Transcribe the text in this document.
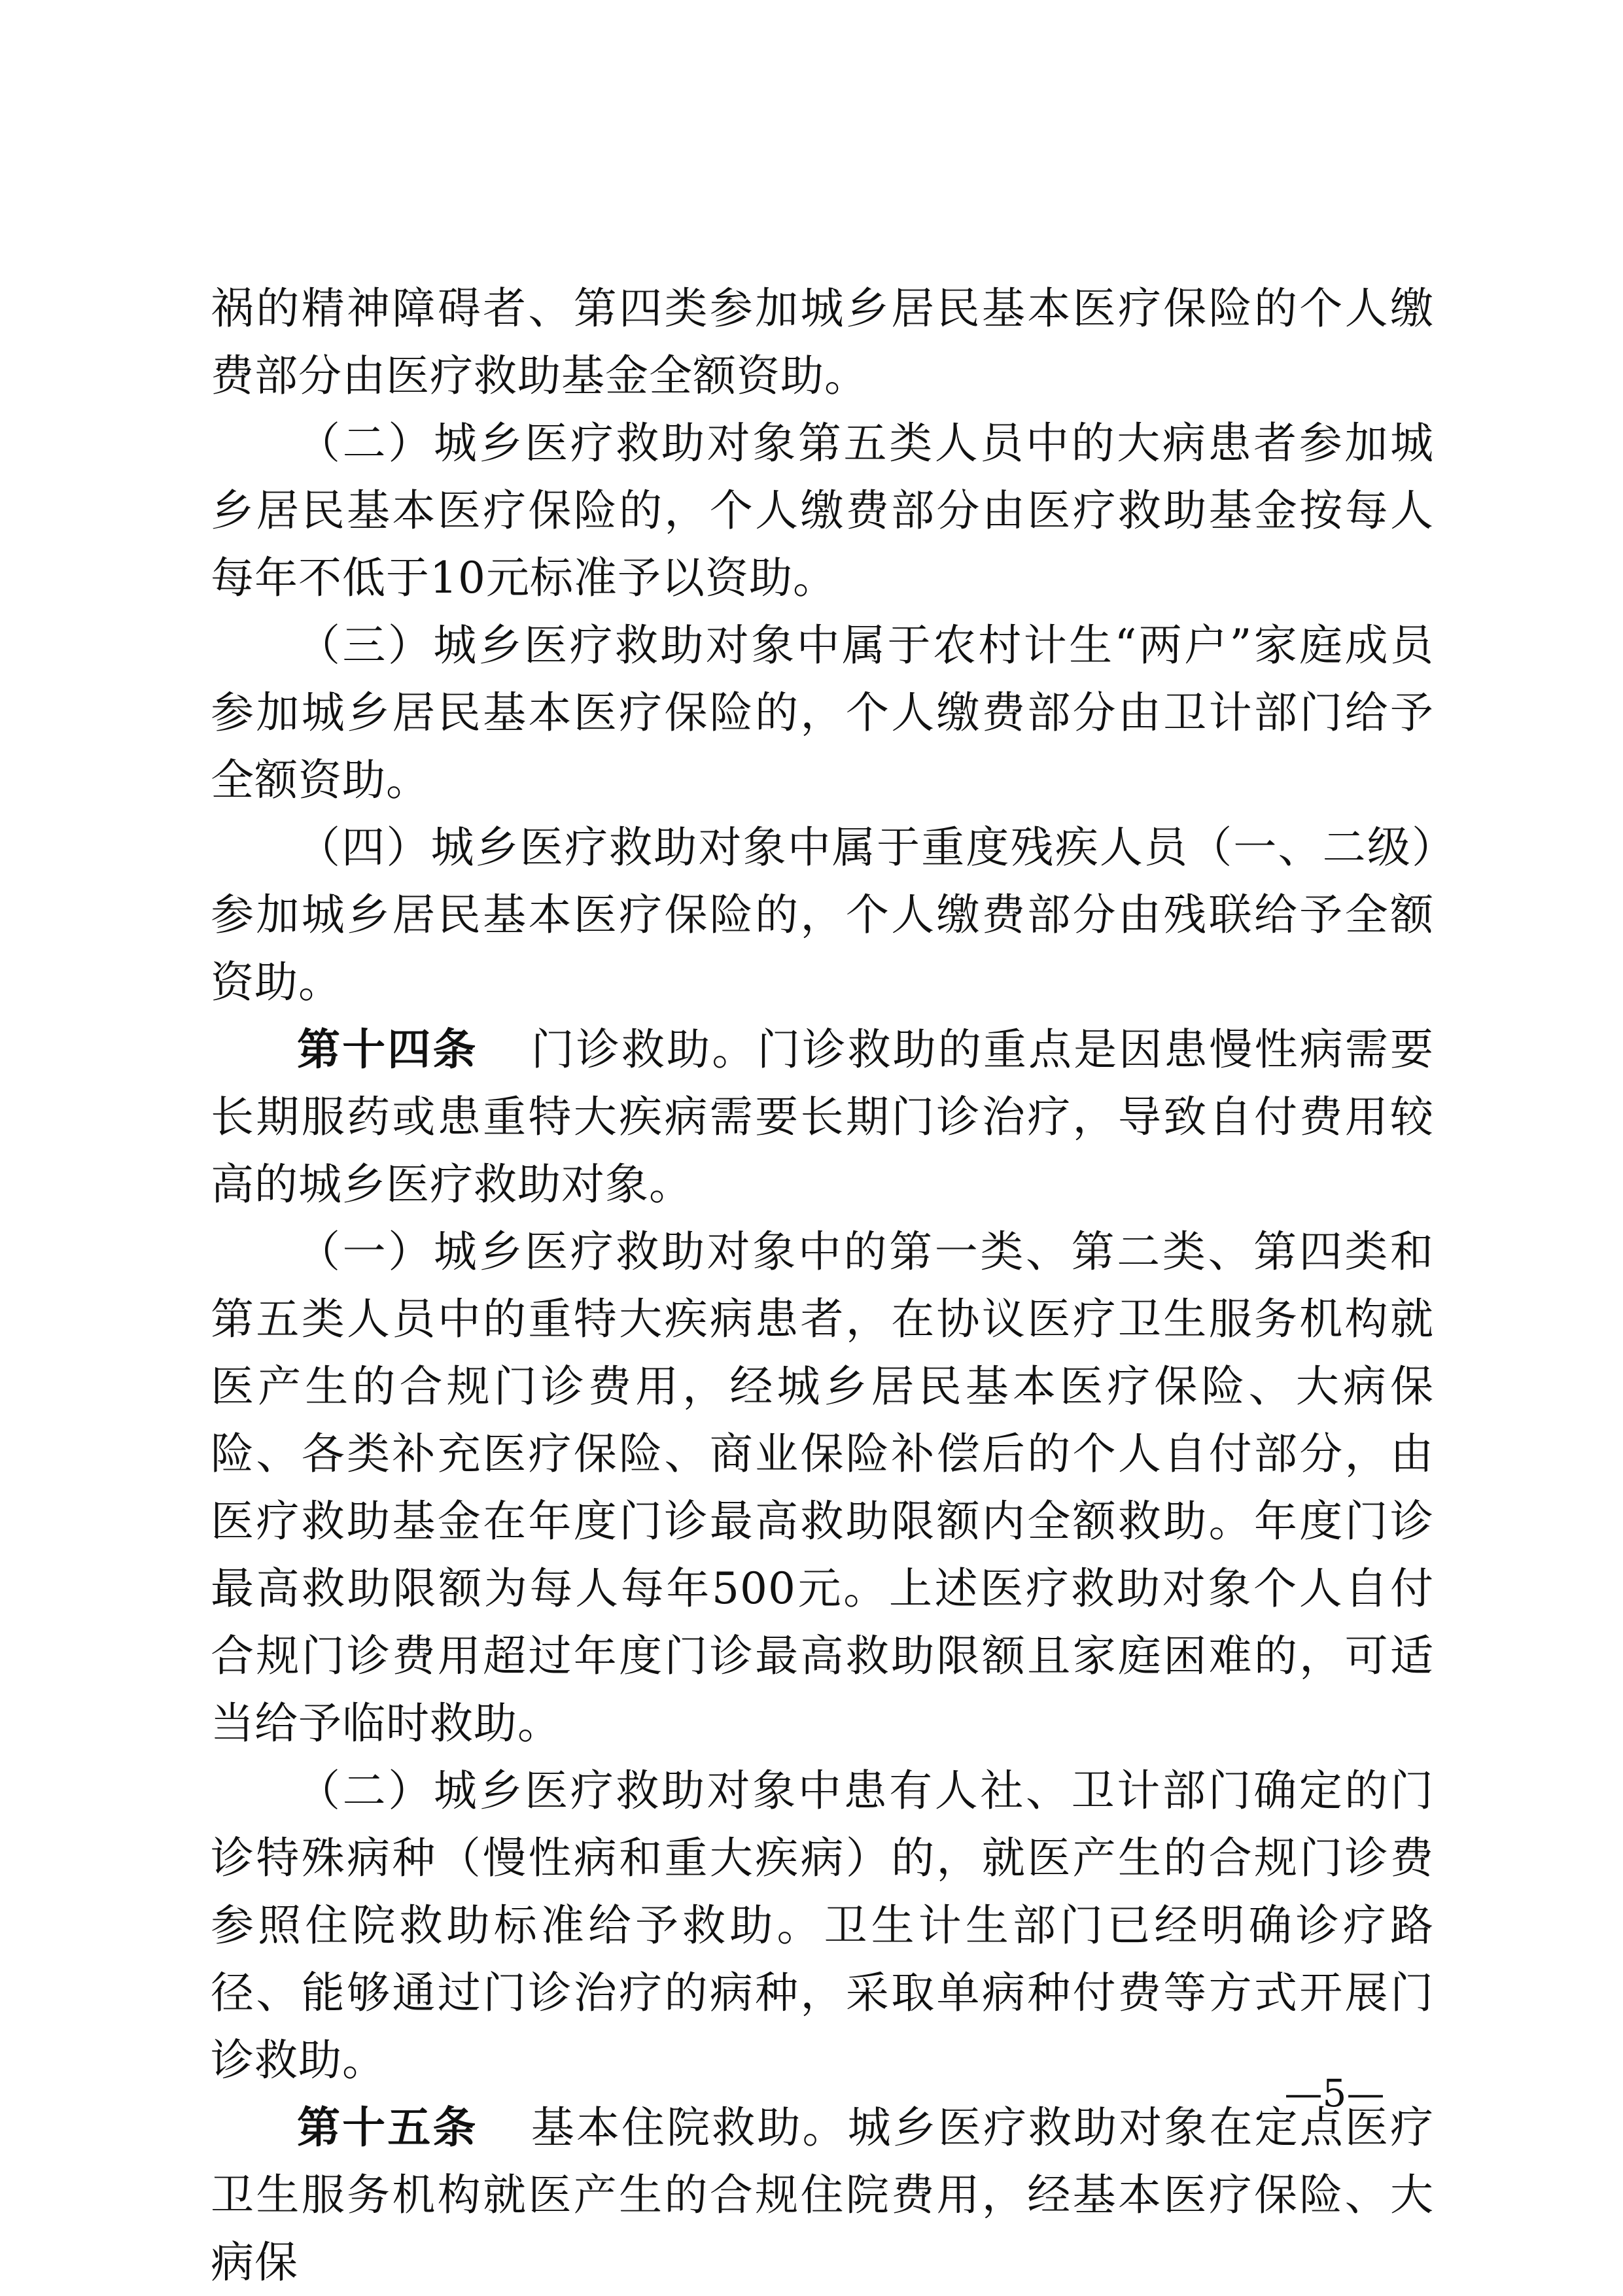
祸的精神障碍者、第四类参加城乡居民基本医疗保险的个人缴费部分由医疗救助基金全额资助。

（二）城乡医疗救助对象第五类人员中的大病患者参加城乡居民基本医疗保险的，个人缴费部分由医疗救助基金按每人每年不低于10元标准予以资助。

（三）城乡医疗救助对象中属于农村计生“两户”家庭成员参加城乡居民基本医疗保险的，个人缴费部分由卫计部门给予全额资助。

（四）城乡医疗救助对象中属于重度残疾人员（一、二级）参加城乡居民基本医疗保险的，个人缴费部分由残联给予全额资助。

第十四条 门诊救助。门诊救助的重点是因患慢性病需要长期服药或患重特大疾病需要长期门诊治疗，导致自付费用较高的城乡医疗救助对象。

（一）城乡医疗救助对象中的第一类、第二类、第四类和第五类人员中的重特大疾病患者，在协议医疗卫生服务机构就医产生的合规门诊费用，经城乡居民基本医疗保险、大病保险、各类补充医疗保险、商业保险补偿后的个人自付部分，由医疗救助基金在年度门诊最高救助限额内全额救助。年度门诊最高救助限额为每人每年500元。上述医疗救助对象个人自付合规门诊费用超过年度门诊最高救助限额且家庭困难的，可适当给予临时救助。

（二）城乡医疗救助对象中患有人社、卫计部门确定的门诊特殊病种（慢性病和重大疾病）的，就医产生的合规门诊费参照住院救助标准给予救助。卫生计生部门已经明确诊疗路径、能够通过门诊治疗的病种，采取单病种付费等方式开展门诊救助。

第十五条 基本住院救助。城乡医疗救助对象在定点医疗卫生服务机构就医产生的合规住院费用，经基本医疗保险、大病保

—5—
